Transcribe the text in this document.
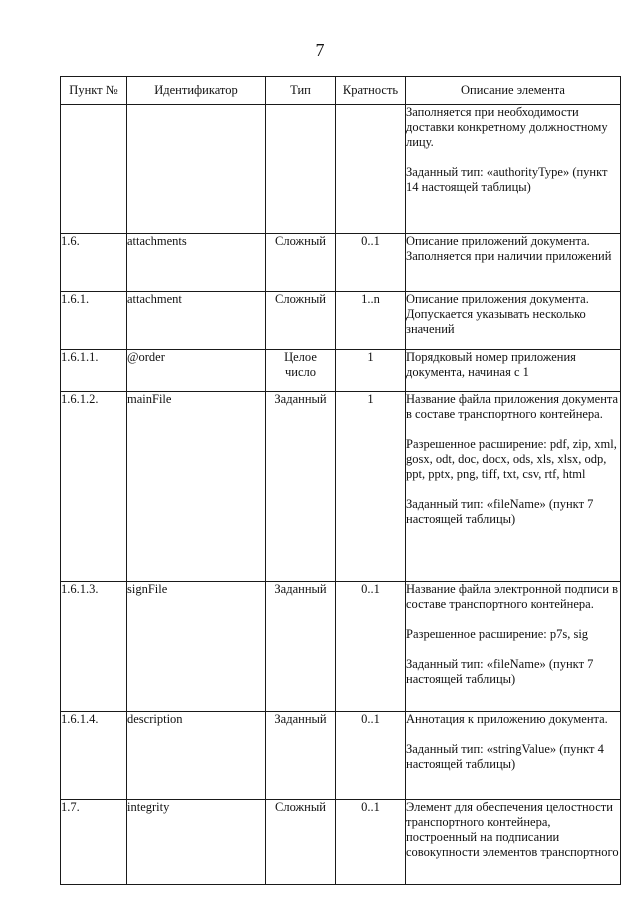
7
Пункт №	Идентификатор	Тип	Кратность	Описание элемента

				Заполняется при необходимости доставки конкретному должностному лицу.

Заданный тип: «authorityType» (пункт 14 настоящей таблицы)

1.6.	attachments	Сложный	0..1	Описание приложений документа. Заполняется при наличии приложений

1.6.1.	attachment	Сложный	1..n	Описание приложения документа. Допускается указывать несколько значений

1.6.1.1.	@order	Целое число	1	Порядковый номер приложения документа, начиная с 1

1.6.1.2.	mainFile	Заданный	1	Название файла приложения документа в составе транспортного контейнера.

Разрешенное расширение: pdf, zip, xml, gosx, odt, doc, docx, ods, xls, xlsx, odp, ppt, pptx, png, tiff, txt, csv, rtf, html

Заданный тип: «fileName» (пункт 7 настоящей таблицы)

1.6.1.3.	signFile	Заданный	0..1	Название файла электронной подписи в составе транспортного контейнера.

Разрешенное расширение: p7s, sig

Заданный тип: «fileName» (пункт 7 настоящей таблицы)

1.6.1.4.	description	Заданный	0..1	Аннотация к приложению документа.

Заданный тип: «stringValue» (пункт 4 настоящей таблицы)

1.7.	integrity	Сложный	0..1	Элемент для обеспечения целостности транспортного контейнера, построенный на подписании совокупности элементов транспортного
